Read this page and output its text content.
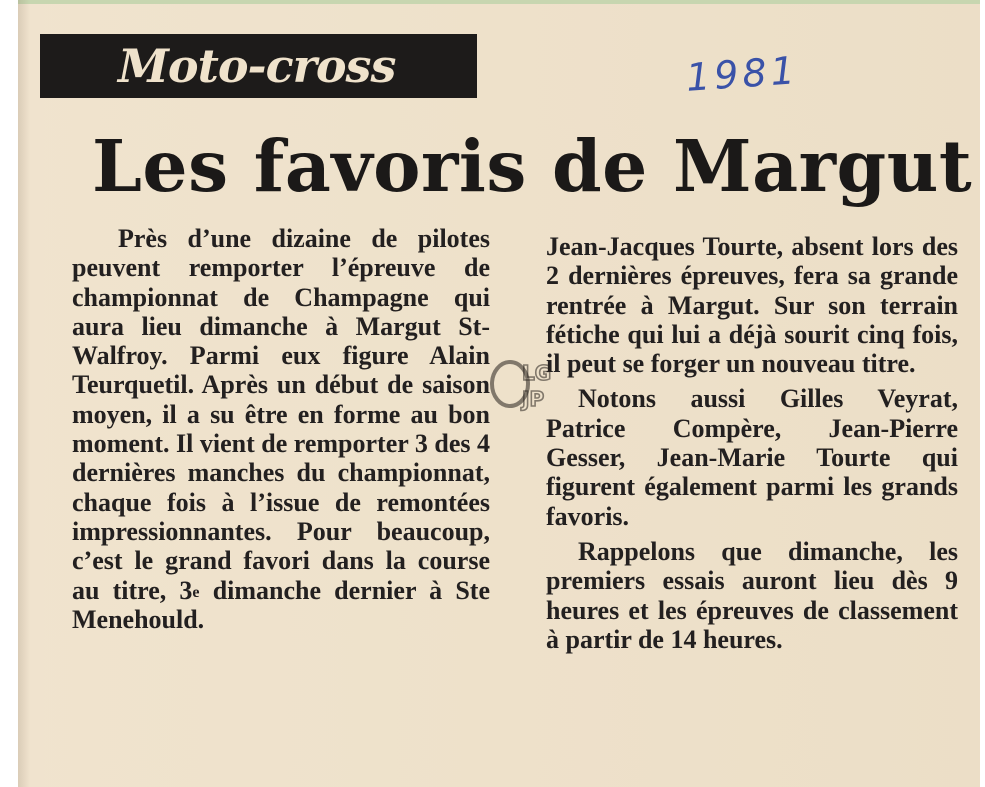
Moto-cross	1981
Les favoris de Margut

Près d’une dizaine de pilotes peuvent remporter l’épreuve de championnat de Champagne qui aura lieu dimanche à Margut St-Walfroy. Parmi eux figure Alain Teurquetil. Après un début de saison moyen, il a su être en forme au bon moment. Il vient de remporter 3 des 4 dernières manches du championnat, chaque fois à l’issue de remontées impressionnantes. Pour beaucoup, c’est le grand favori dans la course au titre, 3e dimanche dernier à Ste Menehould.

Jean-Jacques Tourte, absent lors des 2 dernières épreuves, fera sa grande rentrée à Margut. Sur son terrain fétiche qui lui a déjà sourit cinq fois, il peut se forger un nouveau titre.

Notons aussi Gilles Veyrat, Patrice Compère, Jean-Pierre Gesser, Jean-Marie Tourte qui figurent également parmi les grands favoris.

Rappelons que dimanche, les premiers essais auront lieu dès 9 heures et les épreuves de classement à partir de 14 heures.

LG
JP
